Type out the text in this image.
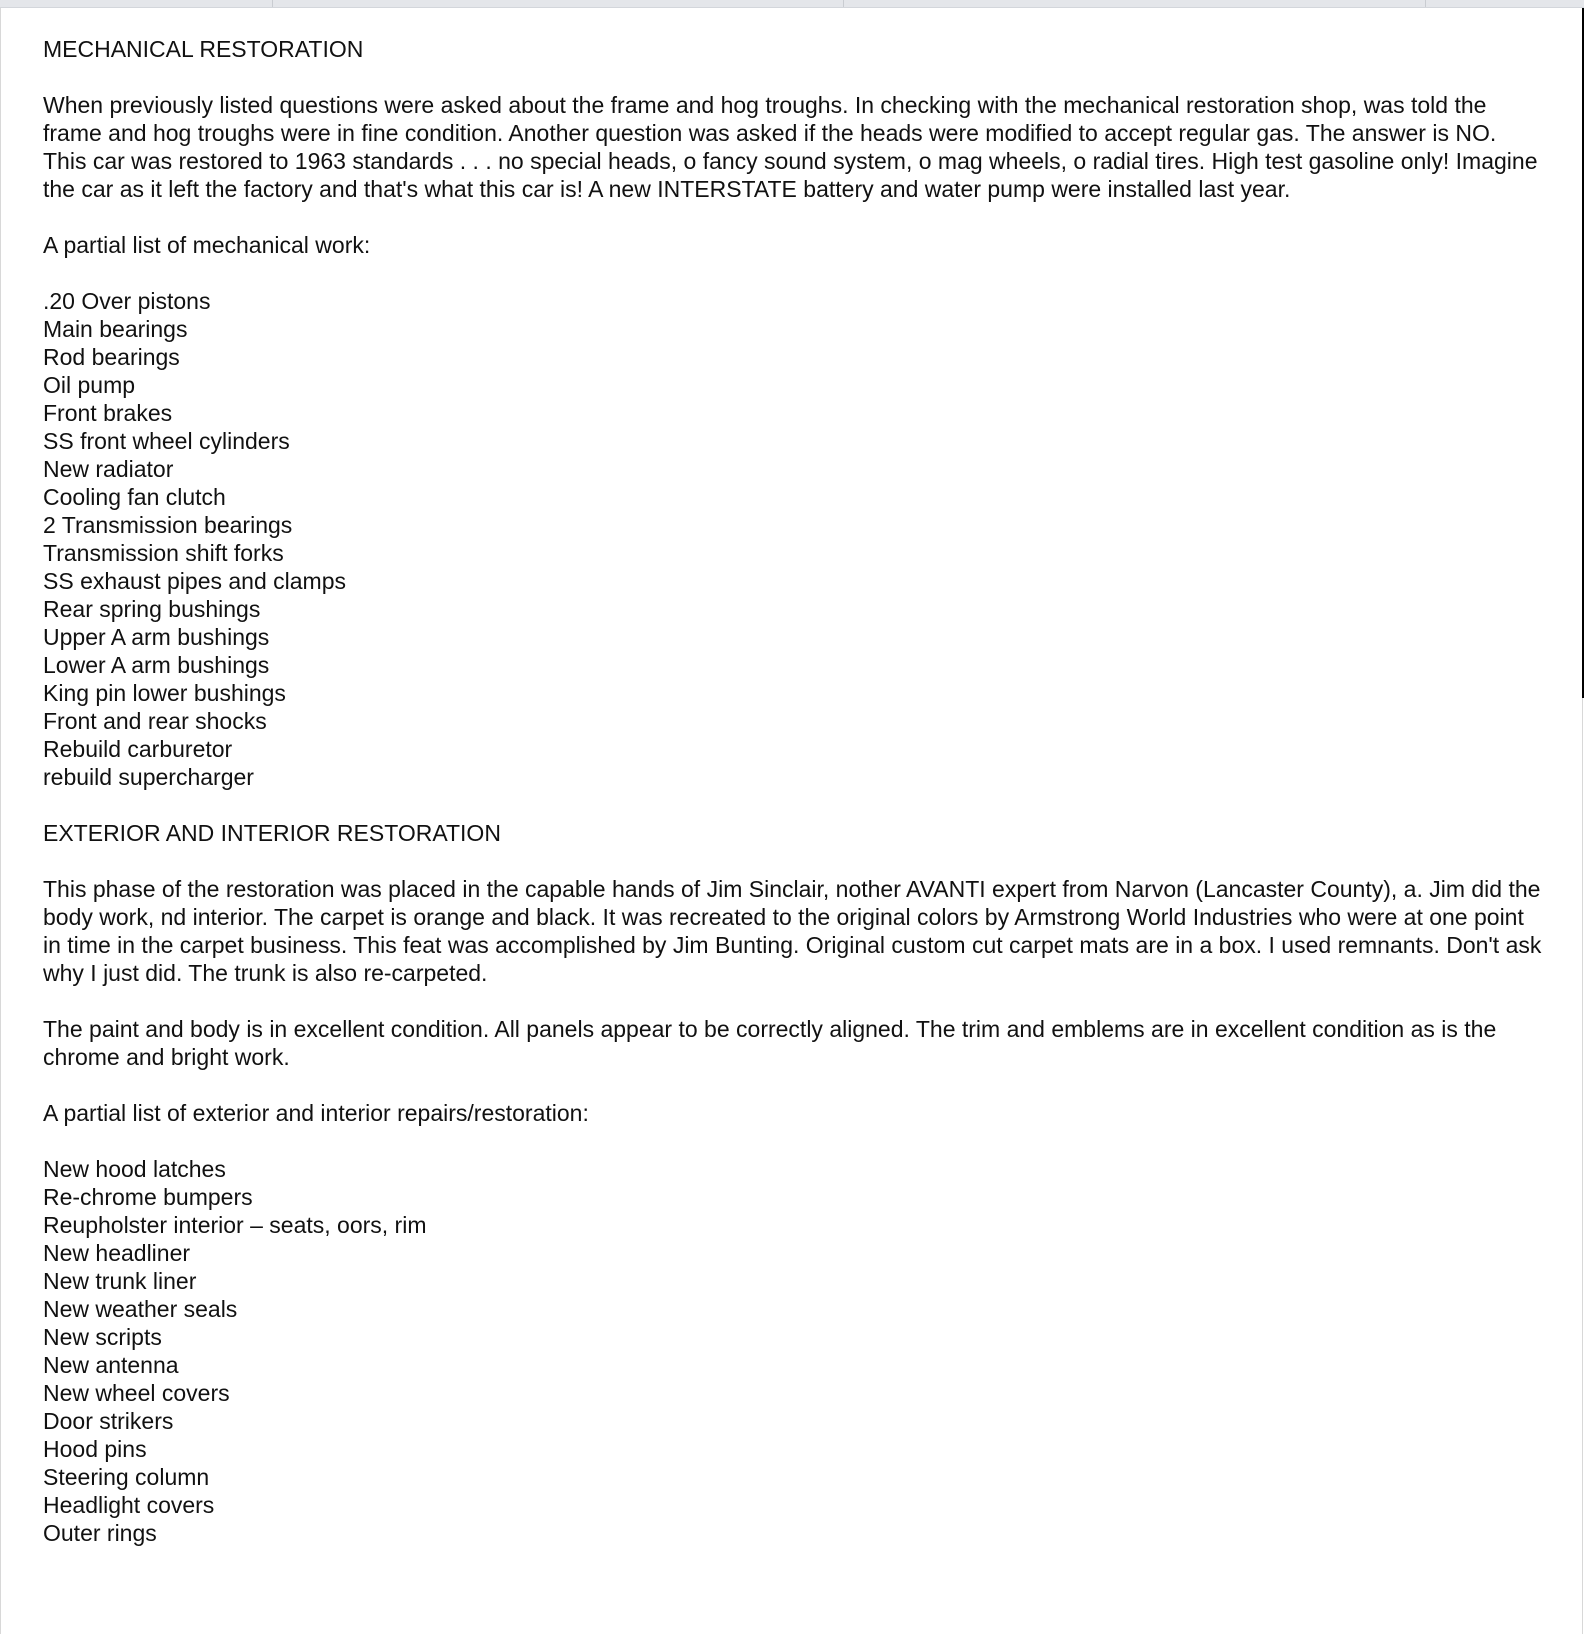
MECHANICAL RESTORATION

When previously listed questions were asked about the frame and hog troughs. In checking with the mechanical restoration shop, was told the frame and hog troughs were in fine condition. Another question was asked if the heads were modified to accept regular gas. The answer is NO. This car was restored to 1963 standards . . . no special heads, o fancy sound system, o mag wheels, o radial tires. High test gasoline only! Imagine the car as it left the factory and that's what this car is! A new INTERSTATE battery and water pump were installed last year.

A partial list of mechanical work:

.20 Over pistons
Main bearings
Rod bearings
Oil pump
Front brakes
SS front wheel cylinders
New radiator
Cooling fan clutch
2 Transmission bearings
Transmission shift forks
SS exhaust pipes and clamps
Rear spring bushings
Upper A arm bushings
Lower A arm bushings
King pin lower bushings
Front and rear shocks
Rebuild carburetor
rebuild supercharger

EXTERIOR AND INTERIOR RESTORATION

This phase of the restoration was placed in the capable hands of Jim Sinclair, nother AVANTI expert from Narvon (Lancaster County), a. Jim did the body work, nd interior. The carpet is orange and black. It was recreated to the original colors by Armstrong World Industries who were at one point in time in the carpet business. This feat was accomplished by Jim Bunting. Original custom cut carpet mats are in a box. I used remnants. Don't ask why I just did. The trunk is also re-carpeted.

The paint and body is in excellent condition. All panels appear to be correctly aligned. The trim and emblems are in excellent condition as is the chrome and bright work.

A partial list of exterior and interior repairs/restoration:

New hood latches
Re-chrome bumpers
Reupholster interior – seats, oors, rim
New headliner
New trunk liner
New weather seals
New scripts
New antenna
New wheel covers
Door strikers
Hood pins
Steering column
Headlight covers
Outer rings
